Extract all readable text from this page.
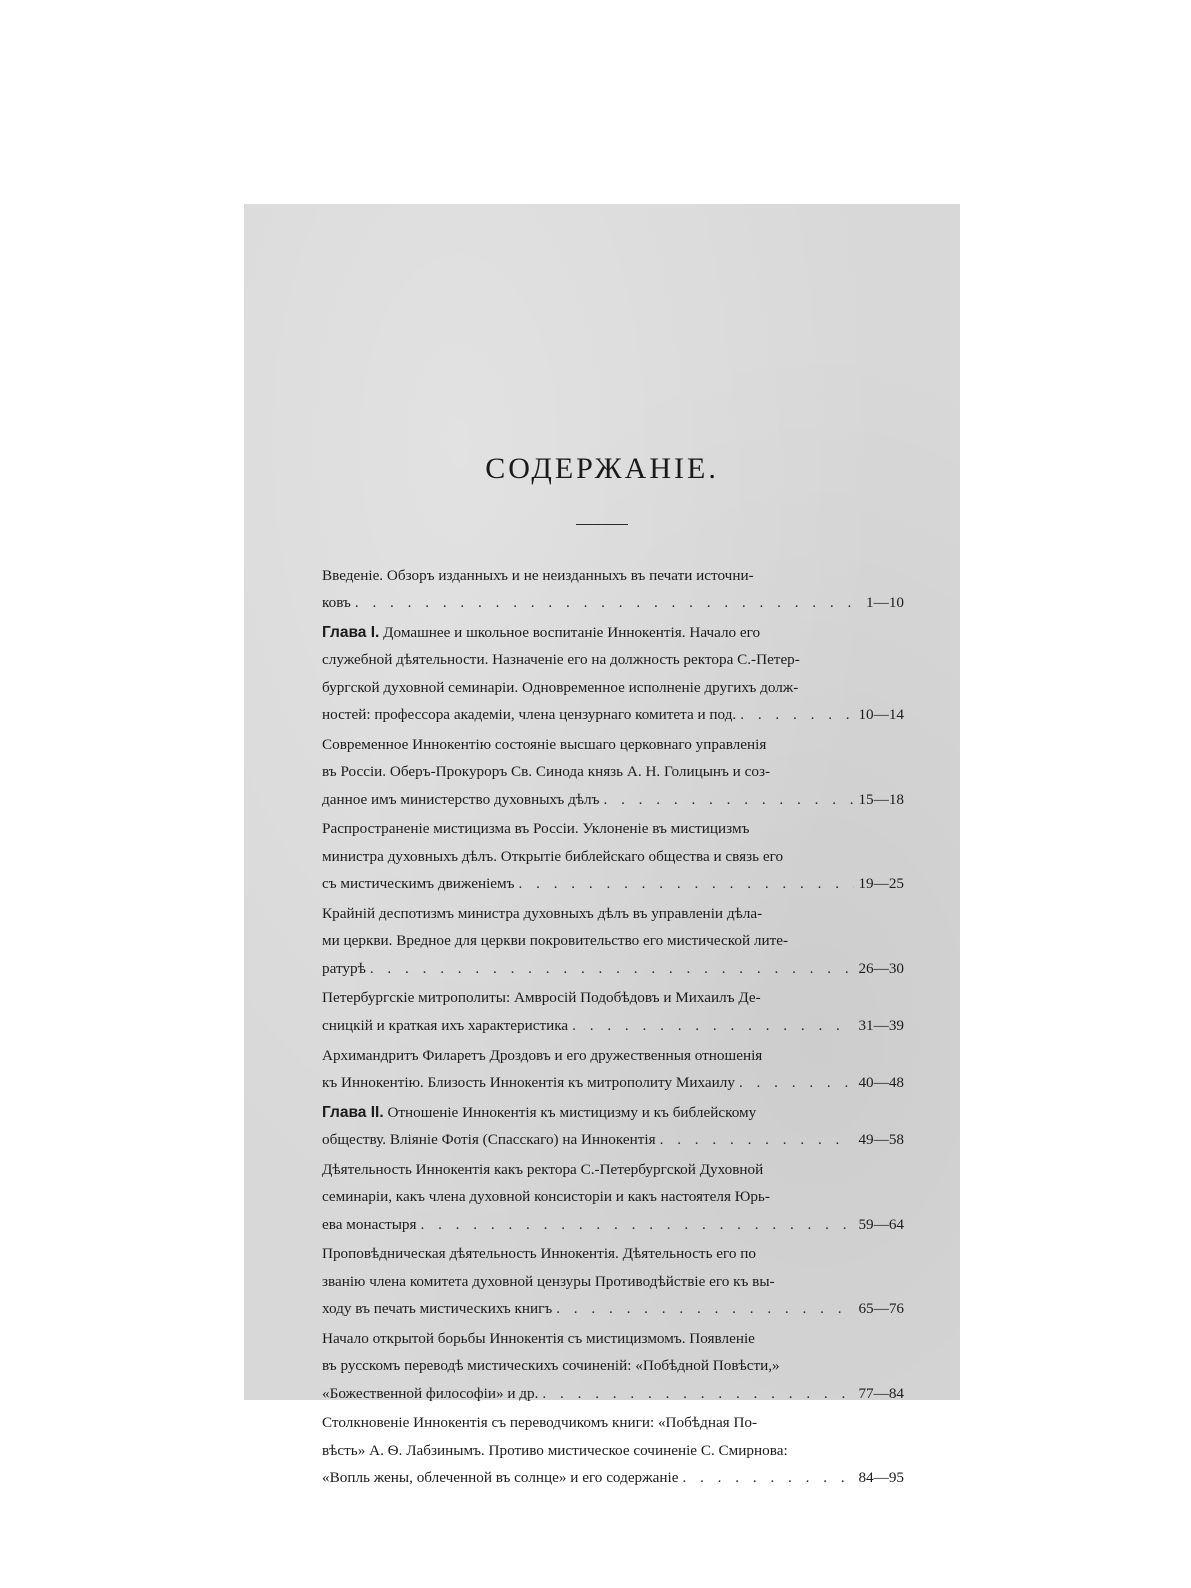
СОДЕРЖАНІЕ.
Введеніе. Обзоръ изданныхъ и не неизданныхъ въ печати источни-
ковъ . . .	1—10
Глава I. Домашнее и школьное воспитаніе Иннокентія. Начало его
служебной дѣятельности. Назначеніе его на должность ректора С.-Петер-
бургской духовной семинаріи. Одновременное исполненіе другихъ долж-
ностей: профессора академіи, члена цензурнаго комитета и под. . . .	10—14
Современное Иннокентію состояніе высшаго церковнаго управленія
въ Россіи. Оберъ-Прокуроръ Св. Синода князь А. Н. Голицынъ и соз-
данное имъ министерство духовныхъ дѣлъ . . .	15—18
Распространеніе мистицизма въ Россіи. Уклоненіе въ мистицизмъ
министра духовныхъ дѣлъ. Открытіе библейскаго общества и связь его
съ мистическимъ движеніемъ . . .	19—25
Крайній деспотизмъ министра духовныхъ дѣлъ въ управленіи дѣла-
ми церкви. Вредное для церкви покровительство его мистической лите-
ратурѣ . . .	26—30
Петербургскіе митрополиты: Амвросій Подобѣдовъ и Михаилъ Де-
сницкій и краткая ихъ характеристика . . .	31—39
Архимандритъ Филаретъ Дроздовъ и его дружественныя отношенія
къ Иннокентію. Близость Иннокентія къ митрополиту Михаилу . . .	40—48
Глава II. Отношеніе Иннокентія къ мистицизму и къ библейскому
обществу. Вліяніе Фотія (Спасскаго) на Иннокентія . . .	49—58
Дѣятельность Иннокентія какъ ректора С.-Петербургской Духовной
семинаріи, какъ члена духовной консисторіи и какъ настоятеля Юрь-
ева монастыря . . .	59—64
Проповѣдническая дѣятельность Иннокентія. Дѣятельность его по
званію члена комитета духовной цензуры Противодѣйствіе его къ вы-
ходу въ печать мистическихъ книгъ . . .	65—76
Начало открытой борьбы Иннокентія съ мистицизмомъ. Появленіе
въ русскомъ переводѣ мистическихъ сочиненій: «Побѣдной Повѣсти,»
«Божественной философіи» и др. . . .	77—84
Столкновеніе Иннокентія съ переводчикомъ книги: «Побѣдная По-
вѣсть» А. Ѳ. Лабзинымъ. Противо мистическое сочиненіе С. Смирнова:
«Вопль жены, облеченной въ солнце» и его содержаніе . . .	84—95
